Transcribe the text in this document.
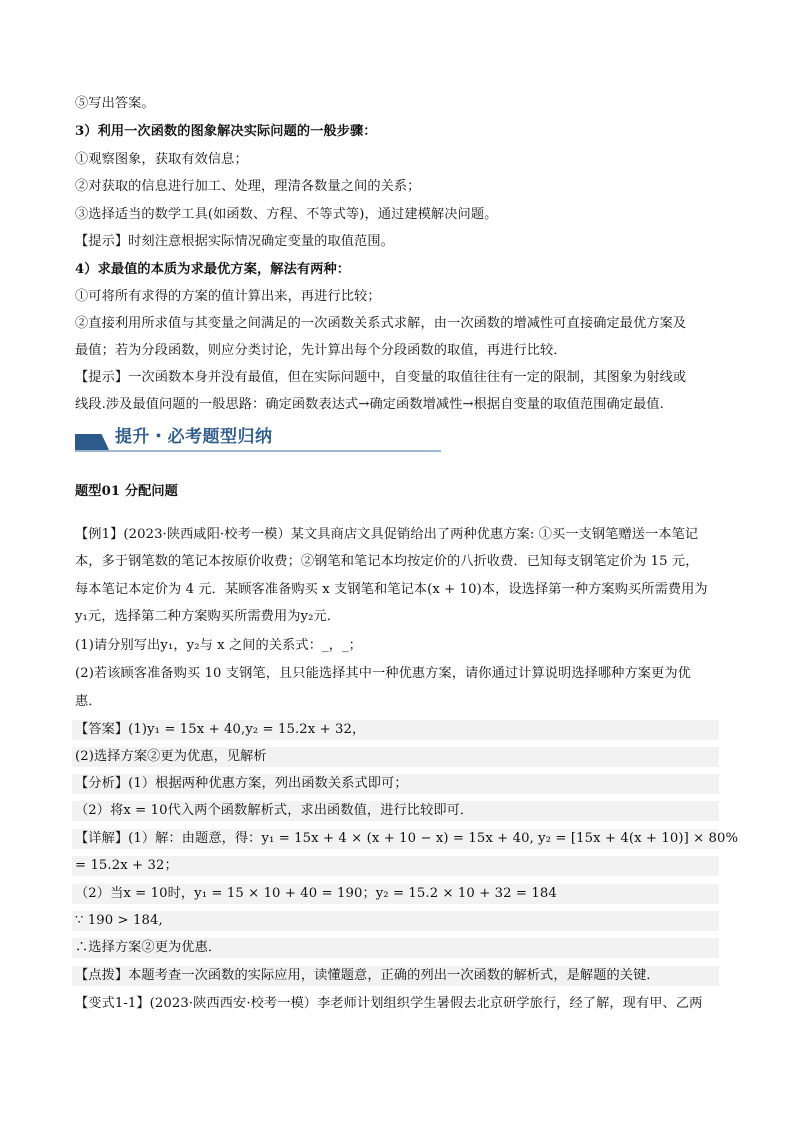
⑤写出答案。
3）利用一次函数的图象解决实际问题的一般步骤：
①观察图象，获取有效信息；
②对获取的信息进行加工、处理，理清各数量之间的关系；
③选择适当的数学工具(如函数、方程、不等式等)，通过建模解决问题。
【提示】时刻注意根据实际情况确定变量的取值范围。
4）求最值的本质为求最优方案，解法有两种：
①可将所有求得的方案的值计算出来，再进行比较；
②直接利用所求值与其变量之间满足的一次函数关系式求解，由一次函数的增减性可直接确定最优方案及
最值；若为分段函数，则应分类讨论，先计算出每个分段函数的取值，再进行比较．
【提示】一次函数本身并没有最值，但在实际问题中，自变量的取值往往有一定的限制，其图象为射线或
线段.涉及最值问题的一般思路：确定函数表达式→确定函数增减性→根据自变量的取值范围确定最值.
提升・必考题型归纳
题型01 分配问题
【例1】(2023·陕西咸阳·校考一模）某文具商店文具促销给出了两种优惠方案: ①买一支钢笔赠送一本笔记
本，多于钢笔数的笔记本按原价收费；②钢笔和笔记本均按定价的八折收费．已知每支钢笔定价为 15 元，
每本笔记本定价为 4 元．某顾客准备购买 x 支钢笔和笔记本(x + 10)本，设选择第一种方案购买所需费用为
y₁元，选择第二种方案购买所需费用为y₂元．
(1)请分别写出y₁，y₂与 x 之间的关系式：_，_；
(2)若该顾客准备购买 10 支钢笔，且只能选择其中一种优惠方案，请你通过计算说明选择哪种方案更为优
惠．
【答案】(1)y₁ = 15x + 40,y₂ = 15.2x + 32，
(2)选择方案②更为优惠，见解析
【分析】(1）根据两种优惠方案，列出函数关系式即可；
（2）将x = 10代入两个函数解析式，求出函数值，进行比较即可．
【详解】(1）解：由题意，得：y₁ = 15x + 4 × (x + 10 − x) = 15x + 40, y₂ = [15x + 4(x + 10)] × 80%
= 15.2x + 32；
（2）当x = 10时，y₁ = 15 × 10 + 40 = 190；y₂ = 15.2 × 10 + 32 = 184
∵ 190 > 184,
∴选择方案②更为优惠．
【点拨】本题考查一次函数的实际应用，读懂题意，正确的列出一次函数的解析式，是解题的关键．
【变式1-1】(2023·陕西西安·校考一模）李老师计划组织学生暑假去北京研学旅行，经了解，现有甲、乙两
